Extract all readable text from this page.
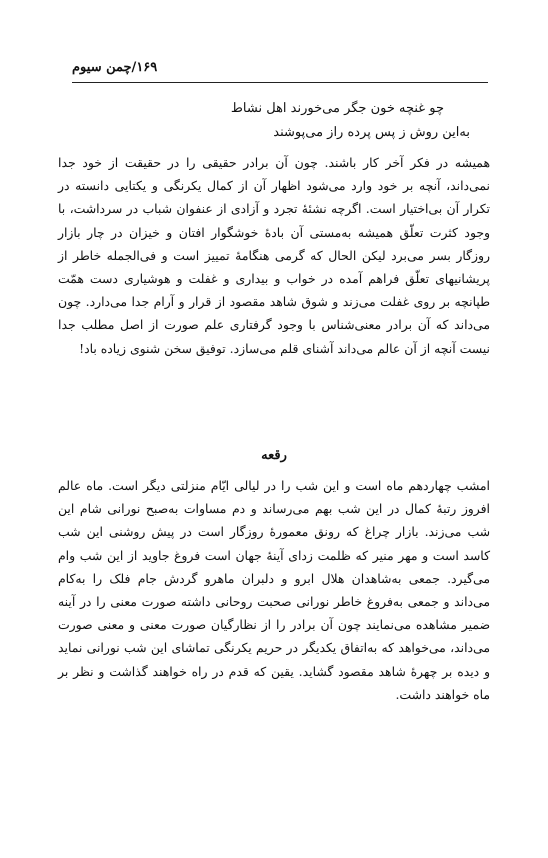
۱۶۹/چمن سیوم
چو غنچه خون جگر می‌خورند اهل نشاط
به‌این روش ز پس پرده راز می‌پوشند
همیشه در فکر آخر کار باشند. چون آن برادر حقیقی را در حقیقت از خود جدا نمی‌داند، آنچه بر خود وارد می‌شود اظهار آن از کمال یکرنگی و یکتایی دانسته در تکرار آن بی‌اختیار است. اگرچه نشئهٔ تجرد و آزادی از عنفوان شباب در سرداشت، با وجود کثرت تعلّق همیشه به‌مستی آن بادهٔ خوشگوار افتان و خیزان در چار بازار روزگار بسر می‌برد لیکن الحال که گرمی هنگامهٔ تمییز است و فی‌الجمله خاطر از پریشانیهای تعلّق فراهم آمده در خواب و بیداری و غفلت و هوشیاری دست همّت طپانچه بر روی غفلت می‌زند و شوق شاهد مقصود از قرار و آرام جدا می‌دارد. چون می‌داند که آن برادر معنی‌شناس با وجود گرفتاری علم صورت از اصل مطلب جدا نیست آنچه از آن عالم می‌داند آشنای قلم می‌سازد. توفیق سخن شنوی زیاده باد!
رقعه
امشب چهاردهم ماه است و این شب را در لیالی ایّام منزلتی دیگر است. ماه عالم افروز رتبهٔ کمال در این شب بهم می‌رساند و دم مساوات به‌صبح نورانی شام این شب می‌زند. بازار چراغ که رونق معمورهٔ روزگار است در پیش روشنی این شب کاسد است و مهر منیر که ظلمت زدای آینهٔ جهان است فروغ جاوید از این شب وام می‌گیرد. جمعی به‌شاهدان هلال ابرو و دلبران ماهرو گردش جام فلک را به‌کام می‌داند و جمعی به‌فروغ خاطر نورانی صحبت روحانی داشته صورت معنی را در آینه ضمیر مشاهده می‌نمایند چون آن برادر را از نظارگیان صورت معنی و معنی صورت می‌داند، می‌خواهد که به‌اتفاق یکدیگر در حریم یکرنگی تماشای این شب نورانی نماید و دیده بر چهرهٔ شاهد مقصود گشاید. یقین که قدم در راه خواهند گذاشت و نظر بر ماه خواهند داشت.
